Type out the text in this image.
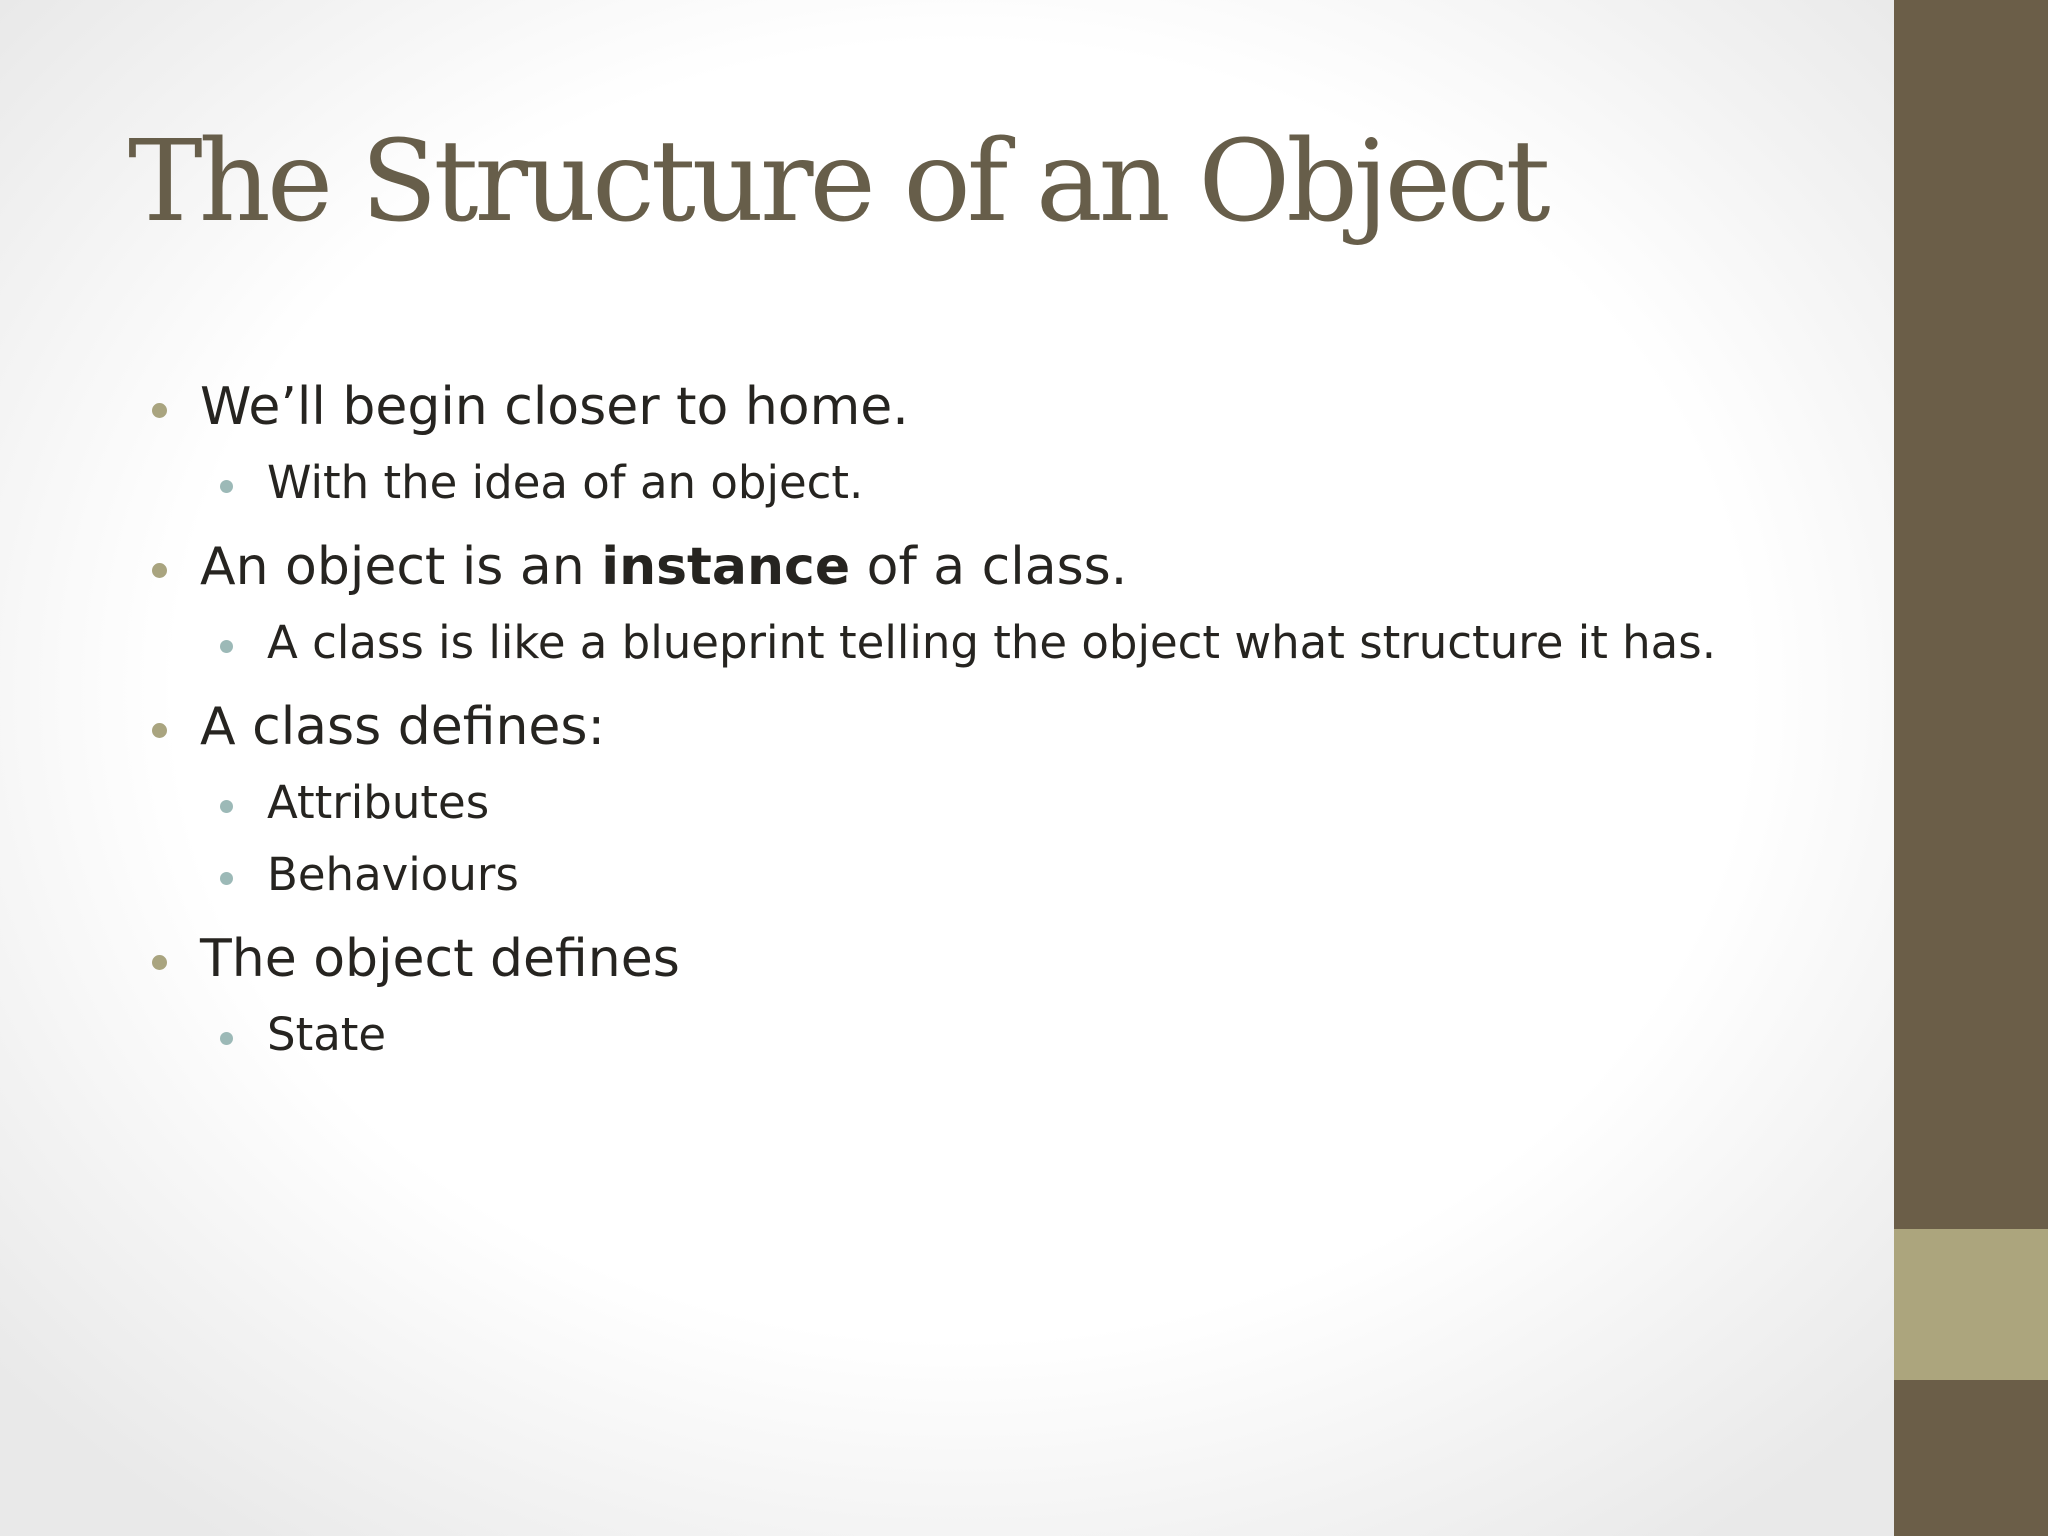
The Structure of an Object
We’ll begin closer to home.
With the idea of an object.
An object is an instance of a class.
A class is like a blueprint telling the object what structure it has.
A class defines:
Attributes
Behaviours
The object defines
State
